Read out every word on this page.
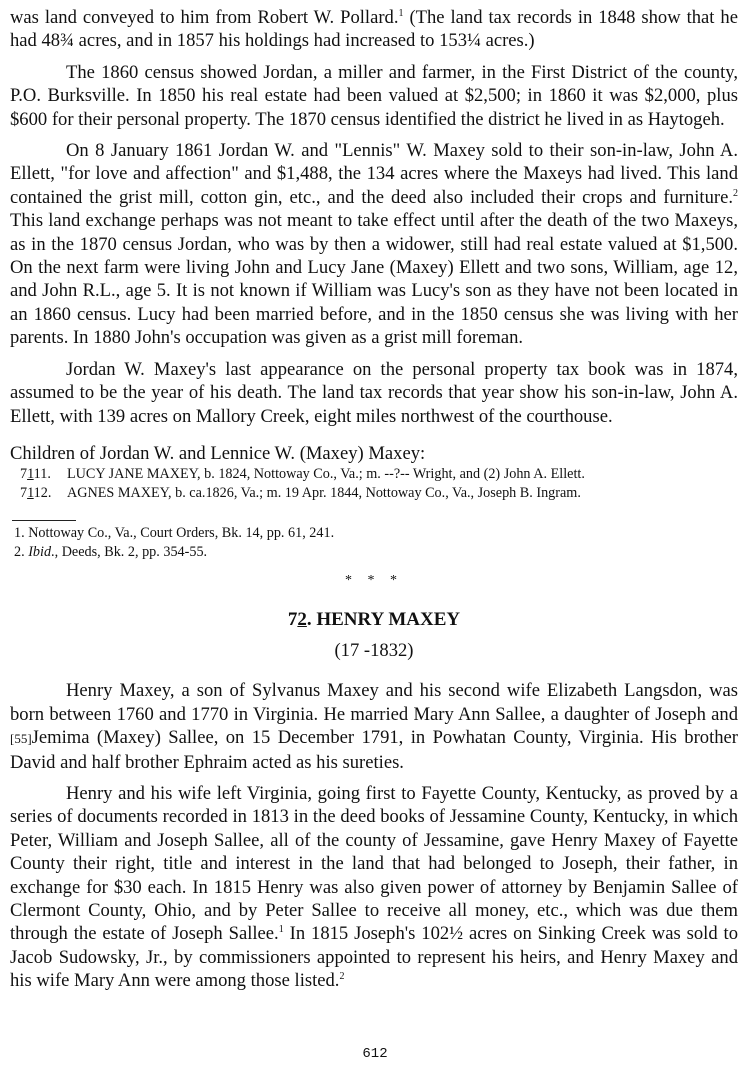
was land conveyed to him from Robert W. Pollard.$^1$ (The land tax records in 1848 show that he had 48¾ acres, and in 1857 his holdings had increased to 153¼ acres.)

The 1860 census showed Jordan, a miller and farmer, in the First District of the county, P.O. Burksville. In 1850 his real estate had been valued at $2,500; in 1860 it was $2,000, plus $600 for their personal property. The 1870 census identified the district he lived in as Haytogeh.

On 8 January 1861 Jordan W. and "Lennis" W. Maxey sold to their son-in-law, John A. Ellett, "for love and affection" and $1,488, the 134 acres where the Maxeys had lived. This land contained the grist mill, cotton gin, etc., and the deed also included their crops and furniture.$^2$ This land exchange perhaps was not meant to take effect until after the death of the two Maxeys, as in the 1870 census Jordan, who was by then a widower, still had real estate valued at $1,500. On the next farm were living John and Lucy Jane (Maxey) Ellett and two sons, William, age 12, and John R.L., age 5. It is not known if William was Lucy's son as they have not been located in an 1860 census. Lucy had been married before, and in the 1850 census she was living with her parents. In 1880 John's occupation was given as a grist mill foreman.

Jordan W. Maxey's last appearance on the personal property tax book was in 1874, assumed to be the year of his death. The land tax records that year show his son-in-law, John A. Ellett, with 139 acres on Mallory Creek, eight miles northwest of the courthouse.

Children of Jordan W. and Lennice W. (Maxey) Maxey:
7111. LUCY JANE MAXEY, b. 1824, Nottoway Co., Va.; m. --?-- Wright, and (2) John A. Ellett.
7112. AGNES MAXEY, b. ca.1826, Va.; m. 19 Apr. 1844, Nottoway Co., Va., Joseph B. Ingram.
1. Nottoway Co., Va., Court Orders, Bk. 14, pp. 61, 241.
2. Ibid., Deeds, Bk. 2, pp. 354-55.
* * *
72. HENRY MAXEY
(17 -1832)

Henry Maxey, a son of Sylvanus Maxey and his second wife Elizabeth Langsdon, was born between 1760 and 1770 in Virginia. He married Mary Ann Sallee, a daughter of Joseph and [55]Jemima (Maxey) Sallee, on 15 December 1791, in Powhatan County, Virginia. His brother David and half brother Ephraim acted as his sureties.

Henry and his wife left Virginia, going first to Fayette County, Kentucky, as proved by a series of documents recorded in 1813 in the deed books of Jessamine County, Kentucky, in which Peter, William and Joseph Sallee, all of the county of Jessamine, gave Henry Maxey of Fayette County their right, title and interest in the land that had belonged to Joseph, their father, in exchange for $30 each. In 1815 Henry was also given power of attorney by Benjamin Sallee of Clermont County, Ohio, and by Peter Sallee to receive all money, etc., which was due them through the estate of Joseph Sallee.$^1$ In 1815 Joseph's 102½ acres on Sinking Creek was sold to Jacob Sudowsky, Jr., by commissioners appointed to represent his heirs, and Henry Maxey and his wife Mary Ann were among those listed.$^2$

612
